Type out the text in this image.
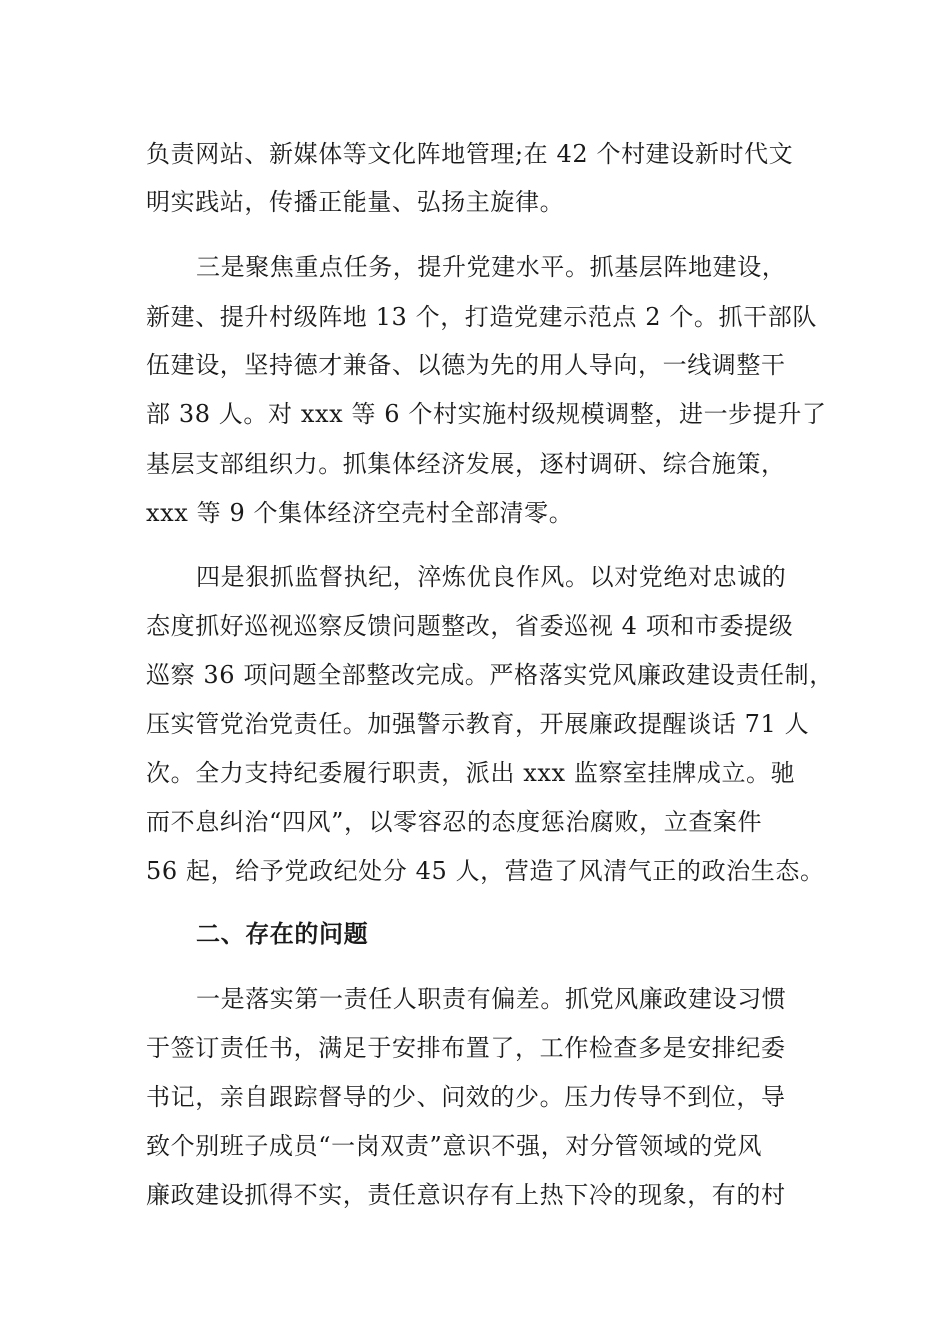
负责网站、新媒体等文化阵地管理;在 42 个村建设新时代文
明实践站，传播正能量、弘扬主旋律。
三是聚焦重点任务，提升党建水平。抓基层阵地建设，
新建、提升村级阵地 13 个，打造党建示范点 2 个。抓干部队
伍建设，坚持德才兼备、以德为先的用人导向，一线调整干
部 38 人。对 xxx 等 6 个村实施村级规模调整，进一步提升了
基层支部组织力。抓集体经济发展，逐村调研、综合施策，
xxx 等 9 个集体经济空壳村全部清零。
四是狠抓监督执纪，淬炼优良作风。以对党绝对忠诚的
态度抓好巡视巡察反馈问题整改，省委巡视 4 项和市委提级
巡察 36 项问题全部整改完成。严格落实党风廉政建设责任制，
压实管党治党责任。加强警示教育，开展廉政提醒谈话 71 人
次。全力支持纪委履行职责，派出 xxx 监察室挂牌成立。驰
而不息纠治“四风”，以零容忍的态度惩治腐败，立查案件
56 起，给予党政纪处分 45 人，营造了风清气正的政治生态。
二、存在的问题
一是落实第一责任人职责有偏差。抓党风廉政建设习惯
于签订责任书，满足于安排布置了，工作检查多是安排纪委
书记，亲自跟踪督导的少、问效的少。压力传导不到位，导
致个别班子成员“一岗双责”意识不强，对分管领域的党风
廉政建设抓得不实，责任意识存有上热下冷的现象，有的村
